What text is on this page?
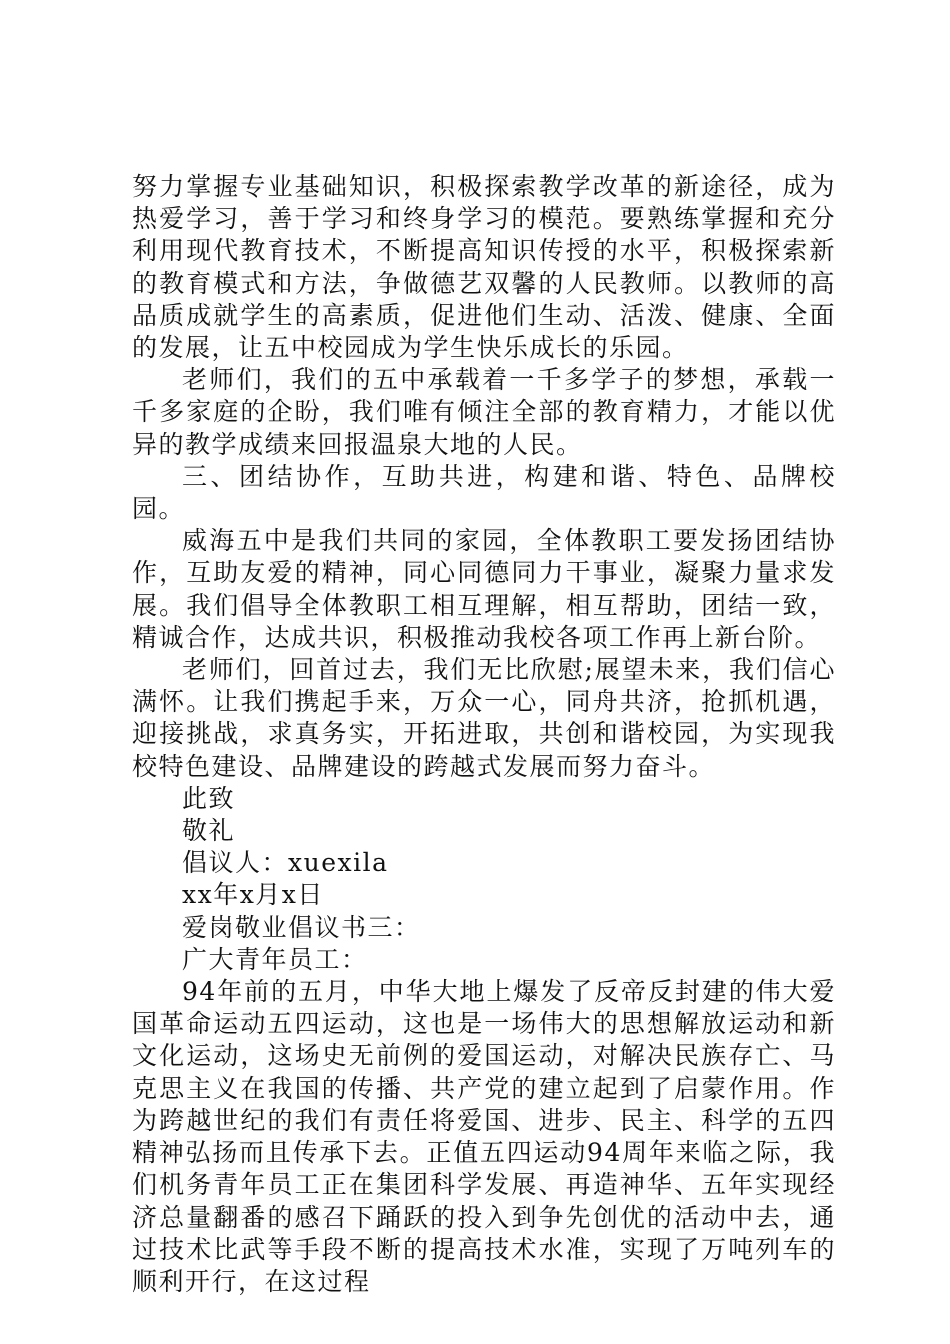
努力掌握专业基础知识，积极探索教学改革的新途径，成为热爱学习，善于学习和终身学习的模范。要熟练掌握和充分利用现代教育技术，不断提高知识传授的水平，积极探索新的教育模式和方法，争做德艺双馨的人民教师。以教师的高品质成就学生的高素质，促进他们生动、活泼、健康、全面的发展，让五中校园成为学生快乐成长的乐园。

老师们，我们的五中承载着一千多学子的梦想，承载一千多家庭的企盼，我们唯有倾注全部的教育精力，才能以优异的教学成绩来回报温泉大地的人民。

三、团结协作，互助共进，构建和谐、特色、品牌校园。

威海五中是我们共同的家园，全体教职工要发扬团结协作，互助友爱的精神，同心同德同力干事业，凝聚力量求发展。我们倡导全体教职工相互理解，相互帮助，团结一致，精诚合作，达成共识，积极推动我校各项工作再上新台阶。

老师们，回首过去，我们无比欣慰;展望未来，我们信心满怀。让我们携起手来，万众一心，同舟共济，抢抓机遇，迎接挑战，求真务实，开拓进取，共创和谐校园，为实现我校特色建设、品牌建设的跨越式发展而努力奋斗。

此致

敬礼

倡议人：xuexila

xx年x月x日

爱岗敬业倡议书三：

广大青年员工：

94年前的五月，中华大地上爆发了反帝反封建的伟大爱国革命运动五四运动，这也是一场伟大的思想解放运动和新文化运动，这场史无前例的爱国运动，对解决民族存亡、马克思主义在我国的传播、共产党的建立起到了启蒙作用。作为跨越世纪的我们有责任将爱国、进步、民主、科学的五四精神弘扬而且传承下去。正值五四运动94周年来临之际，我们机务青年员工正在集团科学发展、再造神华、五年实现经济总量翻番的感召下踊跃的投入到争先创优的活动中去，通过技术比武等手段不断的提高技术水准，实现了万吨列车的顺利开行，在这过程
